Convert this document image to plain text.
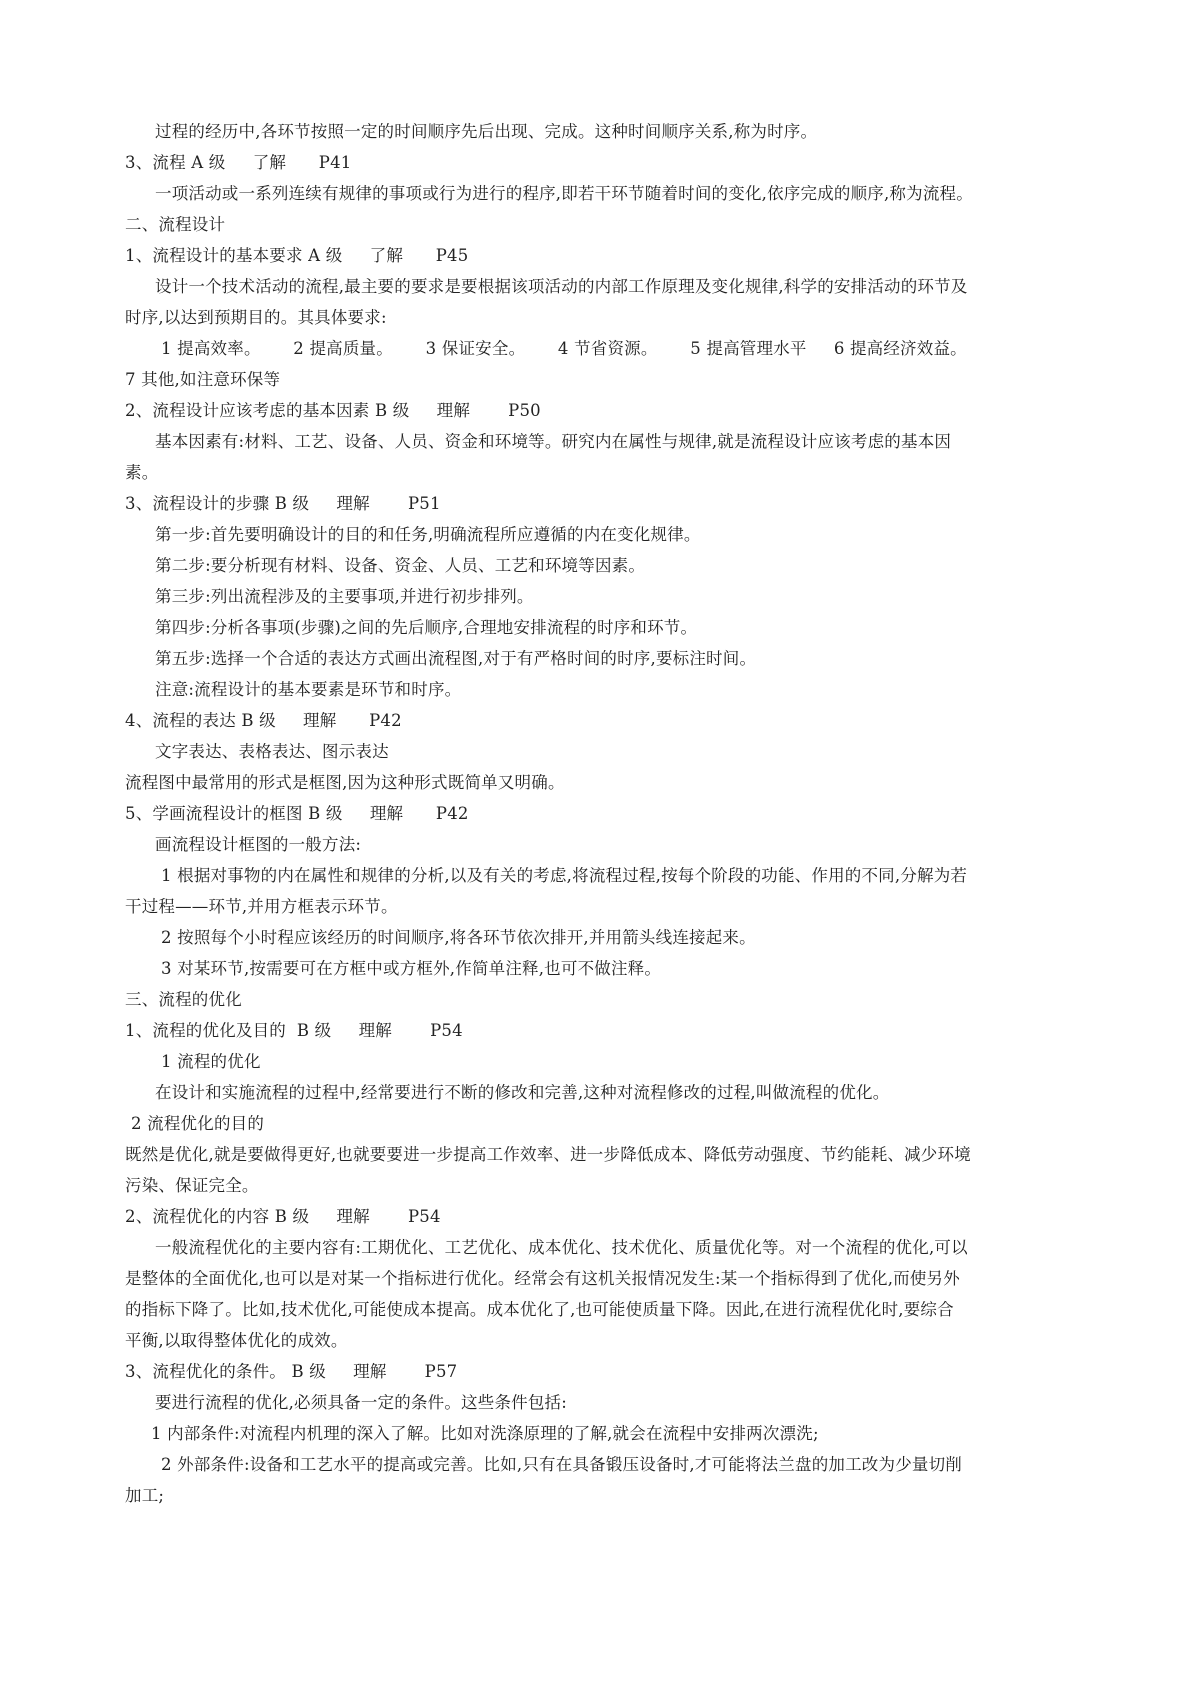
过程的经历中,各环节按照一定的时间顺序先后出现、完成。这种时间顺序关系,称为时序。
3、流程 A 级     了解      P41
一项活动或一系列连续有规律的事项或行为进行的程序,即若干环节随着时间的变化,依序完成的顺序,称为流程。
二、流程设计
1、流程设计的基本要求 A 级     了解      P45
设计一个技术活动的流程,最主要的要求是要根据该项活动的内部工作原理及变化规律,科学的安排活动的环节及
时序,以达到预期目的。其具体要求:
1 提高效率。      2 提高质量。      3 保证安全。      4 节省资源。      5 提高管理水平     6 提高经济效益。
7 其他,如注意环保等
2、流程设计应该考虑的基本因素 B 级     理解       P50
基本因素有:材料、工艺、设备、人员、资金和环境等。研究内在属性与规律,就是流程设计应该考虑的基本因
素。
3、流程设计的步骤 B 级     理解       P51
第一步:首先要明确设计的目的和任务,明确流程所应遵循的内在变化规律。
第二步:要分析现有材料、设备、资金、人员、工艺和环境等因素。
第三步:列出流程涉及的主要事项,并进行初步排列。
第四步:分析各事项(步骤)之间的先后顺序,合理地安排流程的时序和环节。
第五步:选择一个合适的表达方式画出流程图,对于有严格时间的时序,要标注时间。
注意:流程设计的基本要素是环节和时序。
4、流程的表达 B 级     理解      P42
文字表达、表格表达、图示表达
流程图中最常用的形式是框图,因为这种形式既简单又明确。
5、学画流程设计的框图 B 级     理解      P42
画流程设计框图的一般方法:
1 根据对事物的内在属性和规律的分析,以及有关的考虑,将流程过程,按每个阶段的功能、作用的不同,分解为若
干过程——环节,并用方框表示环节。
2 按照每个小时程应该经历的时间顺序,将各环节依次排开,并用箭头线连接起来。
3 对某环节,按需要可在方框中或方框外,作简单注释,也可不做注释。
三、流程的优化
1、流程的优化及目的  B 级     理解       P54
1 流程的优化
在设计和实施流程的过程中,经常要进行不断的修改和完善,这种对流程修改的过程,叫做流程的优化。
2 流程优化的目的
既然是优化,就是要做得更好,也就要要进一步提高工作效率、进一步降低成本、降低劳动强度、节约能耗、减少环境
污染、保证完全。
2、流程优化的内容 B 级     理解       P54
一般流程优化的主要内容有:工期优化、工艺优化、成本优化、技术优化、质量优化等。对一个流程的优化,可以
是整体的全面优化,也可以是对某一个指标进行优化。经常会有这机关报情况发生:某一个指标得到了优化,而使另外
的指标下降了。比如,技术优化,可能使成本提高。成本优化了,也可能使质量下降。因此,在进行流程优化时,要综合
平衡,以取得整体优化的成效。
3、流程优化的条件。 B 级     理解       P57
要进行流程的优化,必须具备一定的条件。这些条件包括:
1 内部条件:对流程内机理的深入了解。比如对洗涤原理的了解,就会在流程中安排两次漂洗;
2 外部条件:设备和工艺水平的提高或完善。比如,只有在具备锻压设备时,才可能将法兰盘的加工改为少量切削
加工;
